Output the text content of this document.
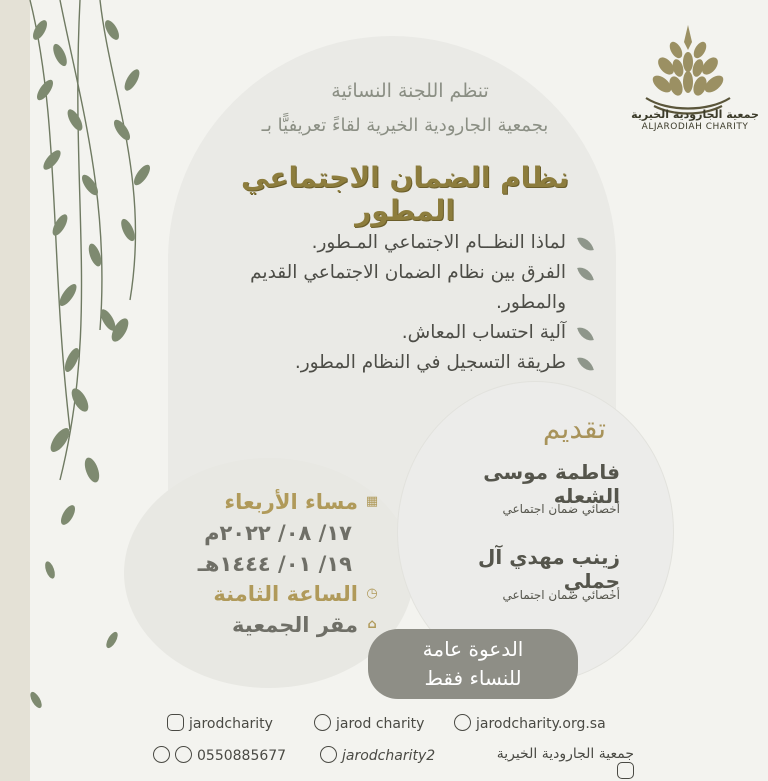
جمعية الجارودية الخيرية
ALJARODIAH CHARITY
تنظم اللجنة النسائية
بجمعية الجارودية الخيرية لقاءً تعريفيًّا بـ
نظام الضمان الاجتماعي المطور
لماذا النظــام الاجتماعي المـطور.
الفرق بين نظام الضمان الاجتماعي القديم والمطور.
آلية احتساب المعاش.
طريقة التسجيل في النظام المطور.
تقديم
فاطمة موسى الشعله
أخصائي ضمان اجتماعي
زينب مهدي آل جملي
أخصائي ضمان اجتماعي
▦
مساء الأربعاء
١٧/ ٠٨/ ٢٠٢٢م
١٩/ ٠١/ ١٤٤٤هـ
◷
الساعة الثامنة
⌂
مقر الجمعية
الدعوة عامة
للنساء فقط
jarodcharity	jarod charity	jarodcharity.org.sa
0550885677	jarodcharity2	جمعية الجارودية الخيرية
